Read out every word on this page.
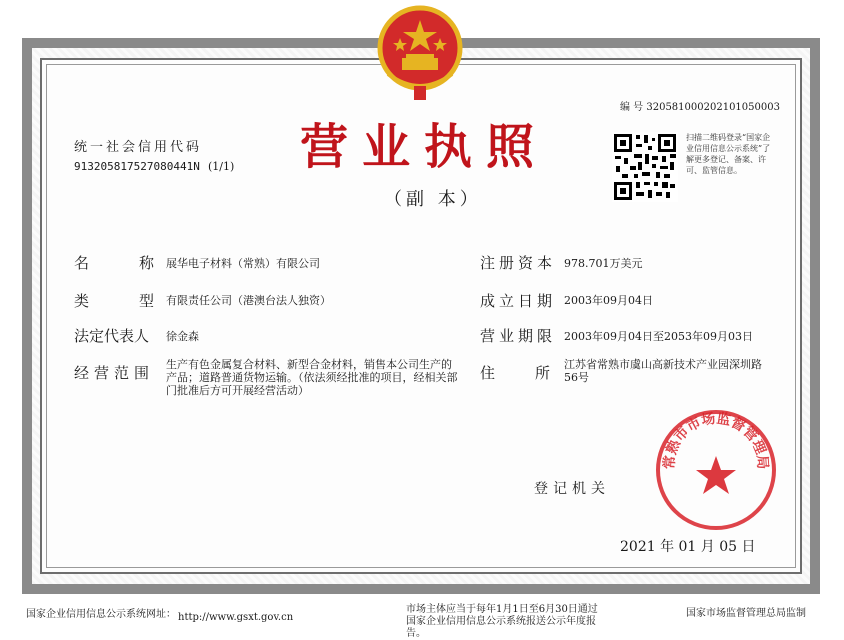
统一社会信用代码
913205817527080441N (1/1) 营业执照
（副 本）
编 号 320581000202101050003
扫描二维码登录“国家企业信用信息公示系统”了解更多登记、备案、许可、监管信息。
名	称 展华电子材料（常熟）有限公司
类	型 有限责任公司（港澳台法人独资）
法定代表人 徐金森
经营范围 生产有色金属复合材料、新型合金材料，销售本公司生产的产品；道路普通货物运输。（依法须经批准的项目，经相关部门批准后方可开展经营活动）
注册资本 978.701万美元
成立日期 2003年09月04日
营业期限 2003年09月04日至2053年09月03日
住	所 江苏省常熟市虞山高新技术产业园深圳路56号
登记机关
常熟市市场监督管理局
2021 年 01 月 05 日
国家企业信用信息公示系统网址： http://www.gsxt.gov.cn
市场主体应当于每年1月1日至6月30日通过国家企业信用信息公示系统报送公示年度报告。
国家市场监督管理总局监制
